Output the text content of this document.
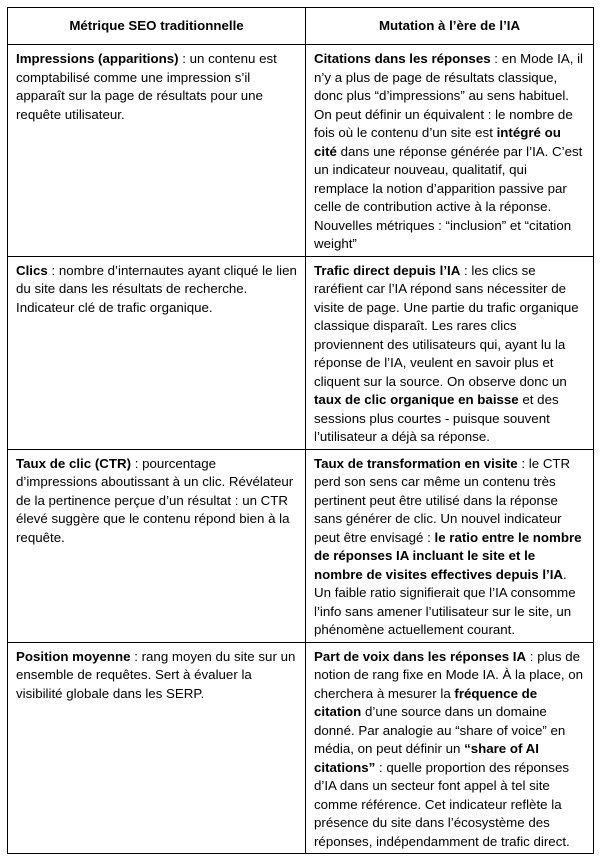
Métrique SEO traditionnelle	Mutation à l’ère de l’IA
Impressions (apparitions) : un contenu est comptabilisé comme une impression s’il apparaît sur la page de résultats pour une requête utilisateur.	Citations dans les réponses : en Mode IA, il n’y a plus de page de résultats classique, donc plus “d’impressions” au sens habituel. On peut définir un équivalent : le nombre de fois où le contenu d’un site est intégré ou cité dans une réponse générée par l’IA. C’est un indicateur nouveau, qualitatif, qui remplace la notion d’apparition passive par celle de contribution active à la réponse. Nouvelles métriques : “inclusion” et “citation weight”
Clics : nombre d’internautes ayant cliqué le lien du site dans les résultats de recherche. Indicateur clé de trafic organique.	Trafic direct depuis l’IA : les clics se raréfient car l’IA répond sans nécessiter de visite de page. Une partie du trafic organique classique disparaît. Les rares clics proviennent des utilisateurs qui, ayant lu la réponse de l’IA, veulent en savoir plus et cliquent sur la source. On observe donc un taux de clic organique en baisse et des sessions plus courtes - puisque souvent l’utilisateur a déjà sa réponse.
Taux de clic (CTR) : pourcentage d’impressions aboutissant à un clic. Révélateur de la pertinence perçue d’un résultat : un CTR élevé suggère que le contenu répond bien à la requête.	Taux de transformation en visite : le CTR perd son sens car même un contenu très pertinent peut être utilisé dans la réponse sans générer de clic. Un nouvel indicateur peut être envisagé : le ratio entre le nombre de réponses IA incluant le site et le nombre de visites effectives depuis l’IA. Un faible ratio signifierait que l’IA consomme l’info sans amener l’utilisateur sur le site, un phénomène actuellement courant.
Position moyenne : rang moyen du site sur un ensemble de requêtes. Sert à évaluer la visibilité globale dans les SERP.	Part de voix dans les réponses IA : plus de notion de rang fixe en Mode IA. À la place, on cherchera à mesurer la fréquence de citation d’une source dans un domaine donné. Par analogie au “share of voice” en média, on peut définir un “share of AI citations” : quelle proportion des réponses d’IA dans un secteur font appel à tel site comme référence. Cet indicateur reflète la présence du site dans l’écosystème des réponses, indépendamment de trafic direct.
